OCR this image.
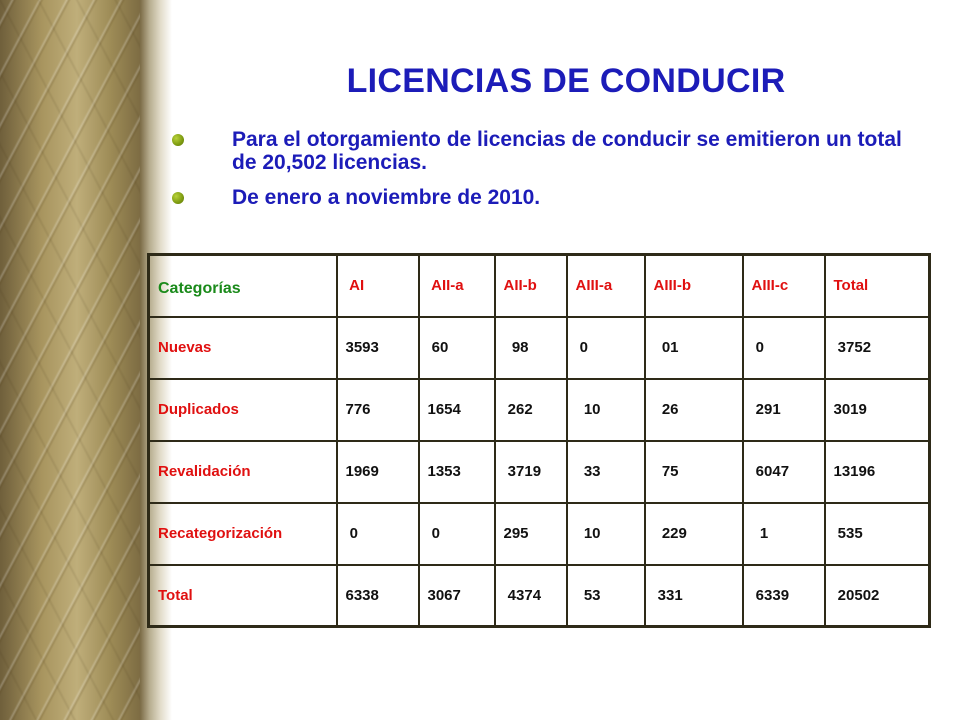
LICENCIAS DE CONDUCIR
Para el otorgamiento de licencias de conducir se emitieron un total de 20,502 licencias.
De enero a noviembre de 2010.
Categorías	AI	AII-a	AII-b	AIII-a	AIII-b	AIII-c	Total
Nuevas	3593	60	98	0	01	0	3752
Duplicados	776	1654	262	10	26	291	3019
Revalidación	1969	1353	3719	33	75	6047	13196
Recategorización	0	0	295	10	229	1	535
Total	6338	3067	4374	53	331	6339	20502
